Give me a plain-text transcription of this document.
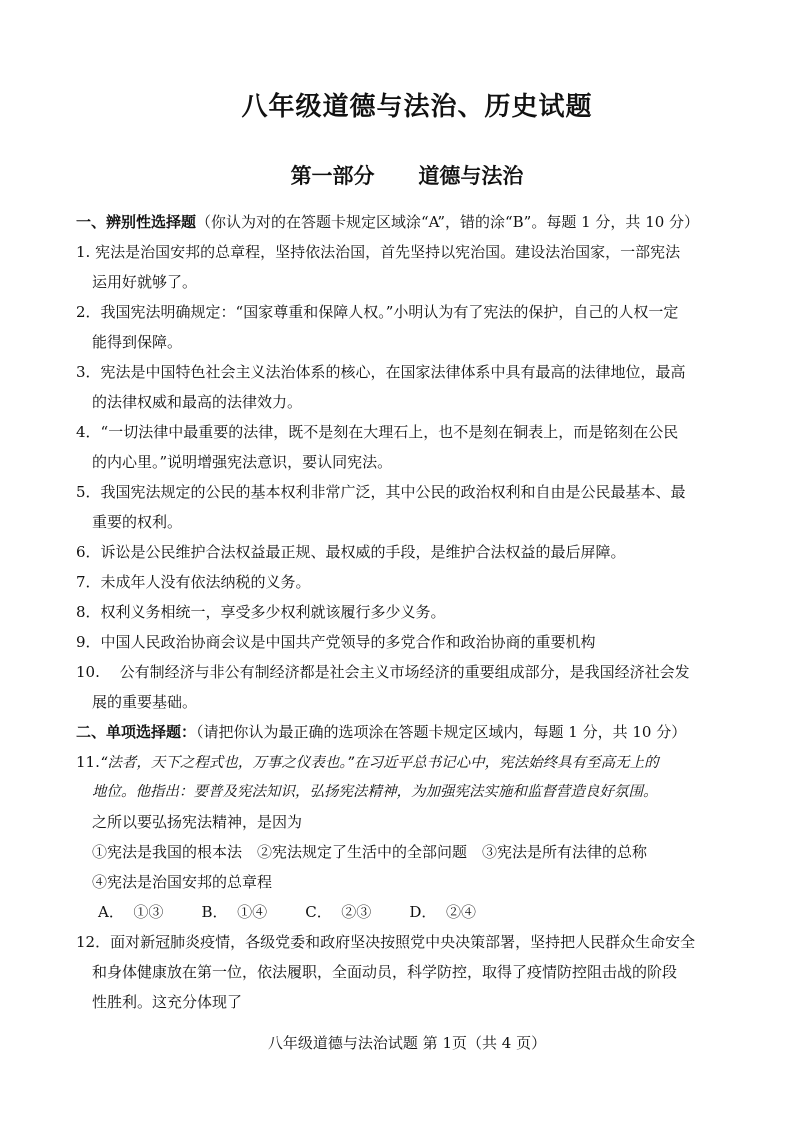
八年级道德与法治、历史试题
第一部分      道德与法治
一、辨别性选择题（你认为对的在答题卡规定区域涂“A”，错的涂“B”。每题 1 分，共 10 分）
1. 宪法是治国安邦的总章程，坚持依法治国，首先坚持以宪治国。建设法治国家，一部宪法
运用好就够了。
2．我国宪法明确规定：“国家尊重和保障人权。”小明认为有了宪法的保护，自己的人权一定
能得到保障。
3．宪法是中国特色社会主义法治体系的核心，在国家法律体系中具有最高的法律地位，最高
的法律权威和最高的法律效力。
4．“一切法律中最重要的法律，既不是刻在大理石上，也不是刻在铜表上，而是铭刻在公民
的内心里。”说明增强宪法意识，要认同宪法。
5．我国宪法规定的公民的基本权利非常广泛，其中公民的政治权利和自由是公民最基本、最
重要的权利。
6．诉讼是公民维护合法权益最正规、最权威的手段，是维护合法权益的最后屏障。
7．未成年人没有依法纳税的义务。
8．权利义务相统一，享受多少权利就该履行多少义务。
9．中国人民政治协商会议是中国共产党领导的多党合作和政治协商的重要机构
10.　 公有制经济与非公有制经济都是社会主义市场经济的重要组成部分，是我国经济社会发
展的重要基础。
二、单项选择题：（请把你认为最正确的选项涂在答题卡规定区域内，每题 1 分，共 10 分）
11.“法者，天下之程式也，万事之仪表也。”在习近平总书记心中，宪法始终具有至高无上的
地位。他指出：要普及宪法知识，弘扬宪法精神，为加强宪法实施和监督营造良好氛围。
之所以要弘扬宪法精神，是因为
①宪法是我国的根本法　②宪法规定了生活中的全部问题　③宪法是所有法律的总称
④宪法是治国安邦的总章程
A．  ①③        B．  ①④        C．  ②③        D．  ②④
12．面对新冠肺炎疫情，各级党委和政府坚决按照党中央决策部署，坚持把人民群众生命安全
和身体健康放在第一位，依法履职，全面动员，科学防控，取得了疫情防控阻击战的阶段
性胜利。这充分体现了
八年级道德与法治试题 第 1页（共 4 页）
